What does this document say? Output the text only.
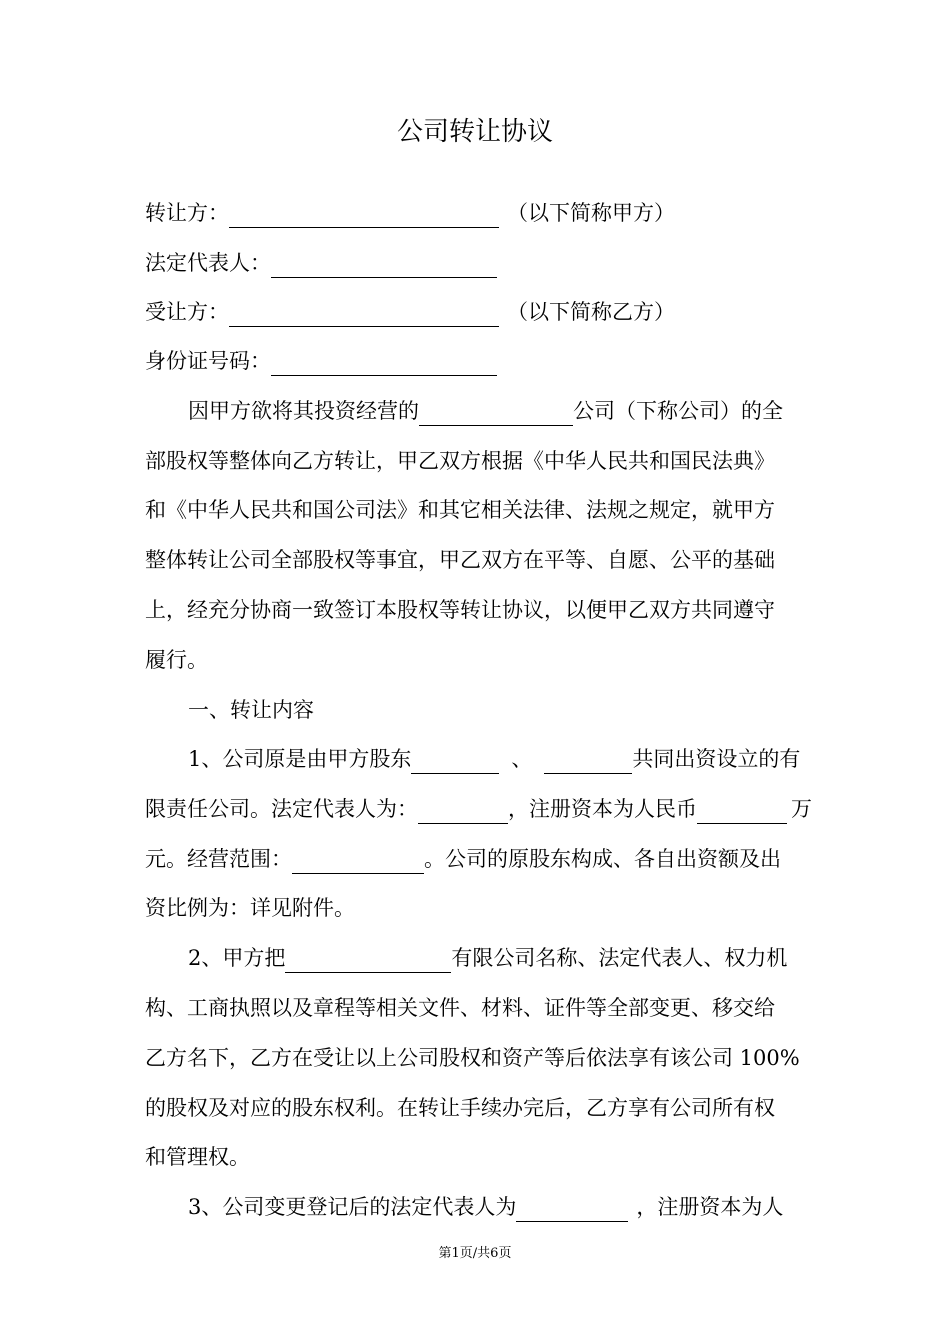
公司转让协议
转让方：	（以下简称甲方）
法定代表人：
受让方：	（以下简称乙方）
身份证号码：
因甲方欲将其投资经营的	公司（下称公司）的全
部股权等整体向乙方转让，甲乙双方根据《中华人民共和国民法典》
和《中华人民共和国公司法》和其它相关法律、法规之规定，就甲方
整体转让公司全部股权等事宜，甲乙双方在平等、自愿、公平的基础
上，经充分协商一致签订本股权等转让协议，以便甲乙双方共同遵守
履行。
一、转让内容
1、公司原是由甲方股东	、	共同出资设立的有
限责任公司。法定代表人为：	，注册资本为人民币	万
元。经营范围：	。公司的原股东构成、各自出资额及出
资比例为：详见附件。
2、甲方把	有限公司名称、法定代表人、权力机
构、工商执照以及章程等相关文件、材料、证件等全部变更、移交给
乙方名下，乙方在受让以上公司股权和资产等后依法享有该公司 100%
的股权及对应的股东权利。在转让手续办完后，乙方享有公司所有权
和管理权。
3、公司变更登记后的法定代表人为	，注册资本为人
第1页/共6页
